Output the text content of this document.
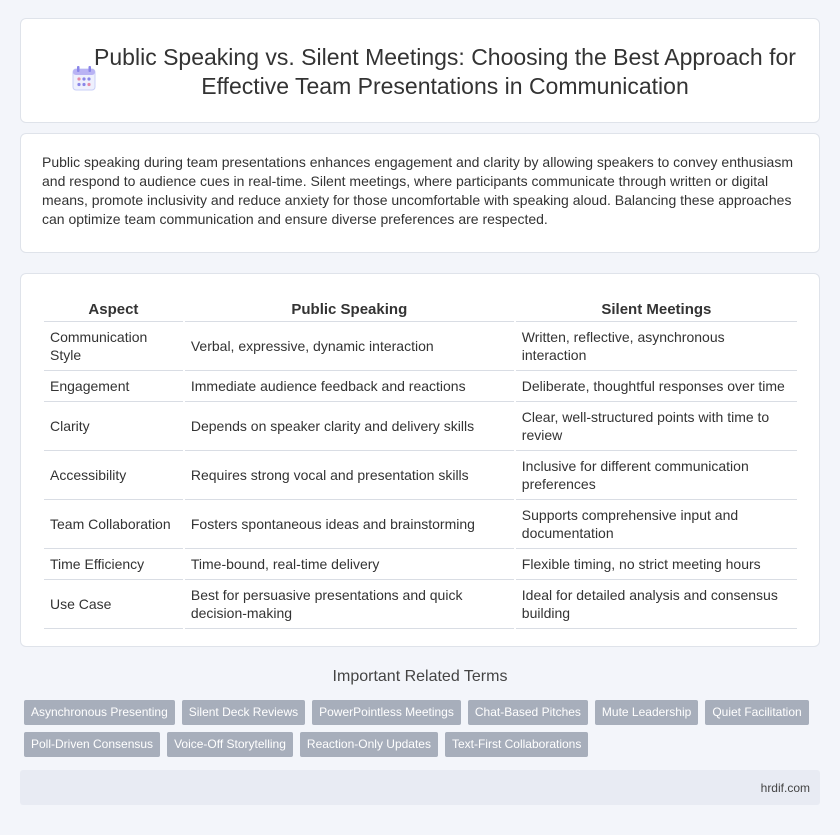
Public Speaking vs. Silent Meetings: Choosing the Best Approach for Effective Team Presentations in Communication

Public speaking during team presentations enhances engagement and clarity by allowing speakers to convey enthusiasm and respond to audience cues in real-time. Silent meetings, where participants communicate through written or digital means, promote inclusivity and reduce anxiety for those uncomfortable with speaking aloud. Balancing these approaches can optimize team communication and ensure diverse preferences are respected.

Aspect	Public Speaking	Silent Meetings
Communication Style	Verbal, expressive, dynamic interaction	Written, reflective, asynchronous interaction
Engagement	Immediate audience feedback and reactions	Deliberate, thoughtful responses over time
Clarity	Depends on speaker clarity and delivery skills	Clear, well-structured points with time to review
Accessibility	Requires strong vocal and presentation skills	Inclusive for different communication preferences
Team Collaboration	Fosters spontaneous ideas and brainstorming	Supports comprehensive input and documentation
Time Efficiency	Time-bound, real-time delivery	Flexible timing, no strict meeting hours
Use Case	Best for persuasive presentations and quick decision-making	Ideal for detailed analysis and consensus building
Important Related Terms
Asynchronous Presenting	Silent Deck Reviews	PowerPointless Meetings	Chat-Based Pitches	Mute Leadership	Quiet Facilitation
Poll-Driven Consensus	Voice-Off Storytelling	Reaction-Only Updates	Text-First Collaborations
hrdif.com
